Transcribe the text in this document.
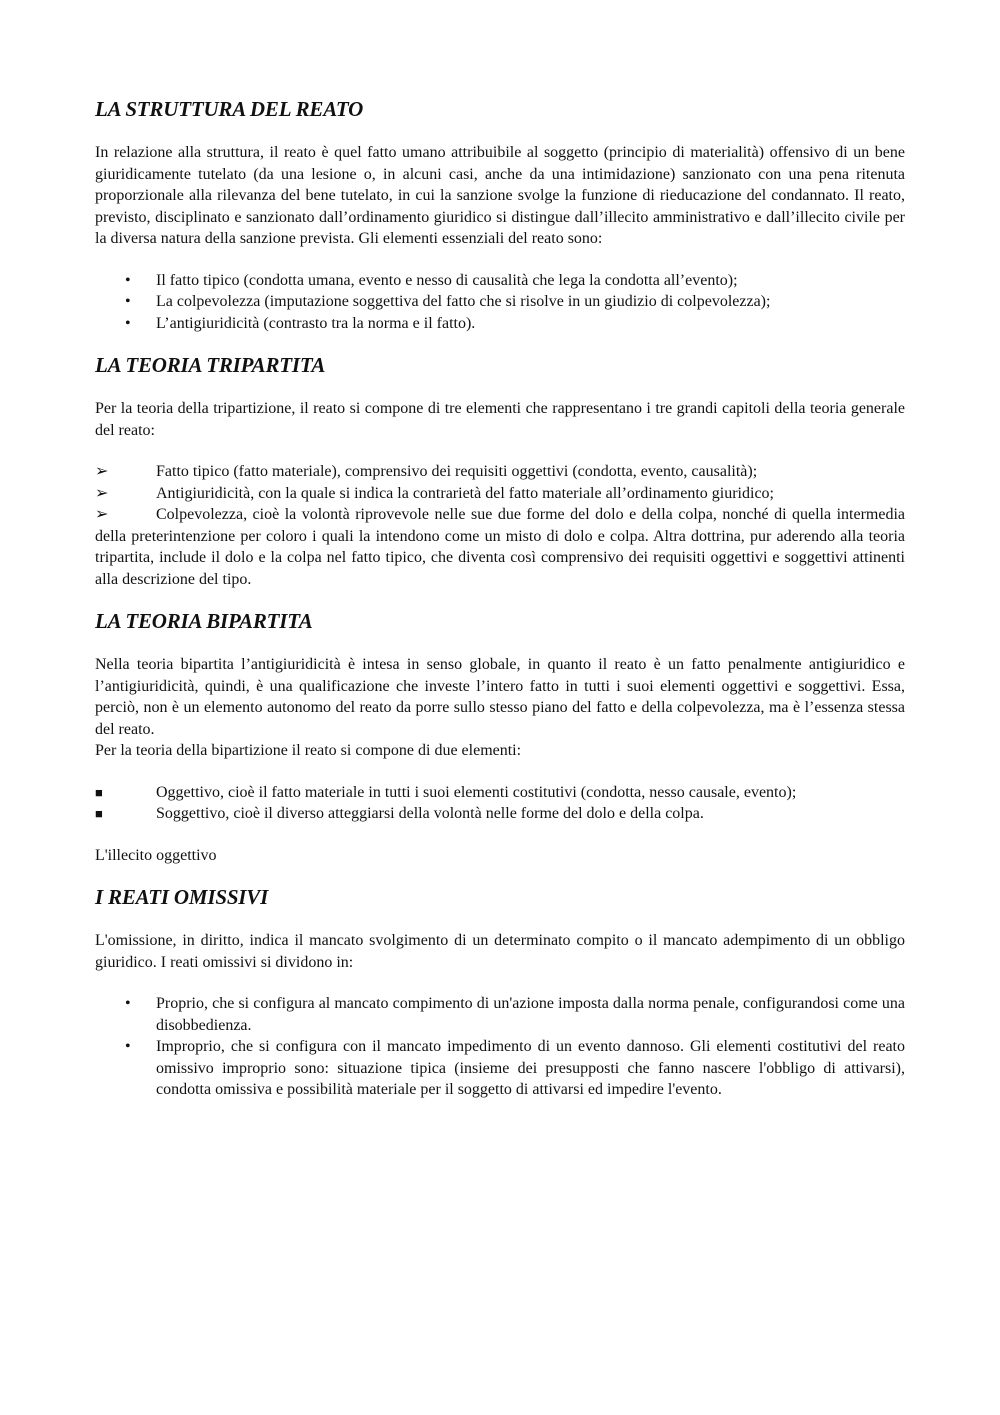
LA STRUTTURA DEL REATO

In relazione alla struttura, il reato è quel fatto umano attribuibile al soggetto (principio di materialità) offensivo di un bene giuridicamente tutelato (da una lesione o, in alcuni casi, anche da una intimidazione) sanzionato con una pena ritenuta proporzionale alla rilevanza del bene tutelato, in cui la sanzione svolge la funzione di rieducazione del condannato. Il reato, previsto, disciplinato e sanzionato dall’ordinamento giuridico si distingue dall’illecito amministrativo e dall’illecito civile per la diversa natura della sanzione prevista. Gli elementi essenziali del reato sono:

• Il fatto tipico (condotta umana, evento e nesso di causalità che lega la condotta all’evento);
• La colpevolezza (imputazione soggettiva del fatto che si risolve in un giudizio di colpevolezza);
• L’antigiuridicità (contrasto tra la norma e il fatto).
LA TEORIA TRIPARTITA

Per la teoria della tripartizione, il reato si compone di tre elementi che rappresentano i tre grandi capitoli della teoria generale del reato:

➢	Fatto tipico (fatto materiale), comprensivo dei requisiti oggettivi (condotta, evento, causalità);
➢	Antigiuridicità, con la quale si indica la contrarietà del fatto materiale all’ordinamento giuridico;
➢	Colpevolezza, cioè la volontà riprovevole nelle sue due forme del dolo e della colpa, nonché di quella intermedia della preterintenzione per coloro i quali la intendono come un misto di dolo e colpa. Altra dottrina, pur aderendo alla teoria tripartita, include il dolo e la colpa nel fatto tipico, che diventa così comprensivo dei requisiti oggettivi e soggettivi attinenti alla descrizione del tipo.
LA TEORIA BIPARTITA

Nella teoria bipartita l’antigiuridicità è intesa in senso globale, in quanto il reato è un fatto penalmente antigiuridico e l’antigiuridicità, quindi, è una qualificazione che investe l’intero fatto in tutti i suoi elementi oggettivi e soggettivi. Essa, perciò, non è un elemento autonomo del reato da porre sullo stesso piano del fatto e della colpevolezza, ma è l’essenza stessa del reato.

Per la teoria della bipartizione il reato si compone di due elementi:

■	Oggettivo, cioè il fatto materiale in tutti i suoi elementi costitutivi (condotta, nesso causale, evento);
■	Soggettivo, cioè il diverso atteggiarsi della volontà nelle forme del dolo e della colpa.

L'illecito oggettivo

I REATI OMISSIVI

L'omissione, in diritto, indica il mancato svolgimento di un determinato compito o il mancato adempimento di un obbligo giuridico. I reati omissivi si dividono in:

• Proprio, che si configura al mancato compimento di un'azione imposta dalla norma penale, configurandosi come una disobbedienza.
• Improprio, che si configura con il mancato impedimento di un evento dannoso. Gli elementi costitutivi del reato omissivo improprio sono: situazione tipica (insieme dei presupposti che fanno nascere l'obbligo di attivarsi), condotta omissiva e possibilità materiale per il soggetto di attivarsi ed impedire l'evento.
